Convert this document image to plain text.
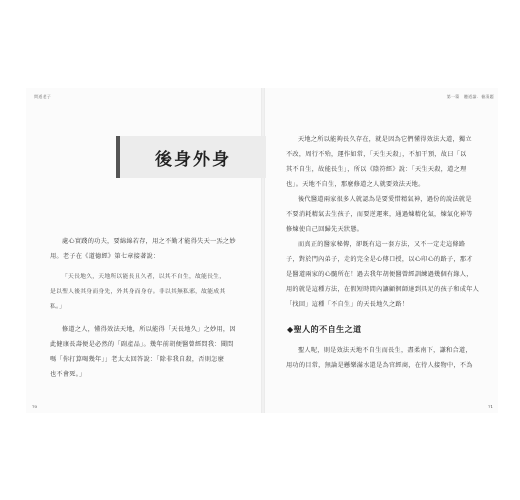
問道老子	第一篇　聽道論．養清題
後身外身
處心實踐的功夫，要綿綿若存，用之不勤才能得失天一炁之妙
用。老子在《道德經》第七章接著說：
「天長地久，天地所以能長且久者，以其不自生，故能長生，
是以聖人後其身而身先，外其身而身存。非以其無私邪，故能成其
私。」
修道之人，懂得效法天地，所以能得「天長地久」之妙用，因
此健康長壽便是必然的「副產品」。幾年前胡便醫曾經問我：聞問
嗎「你打算喝幾年」」老太太回答說：「除非我自殺，否則怎麼
也不會死。」
70
天地之所以能夠長久存在，就是因為它們懂得效法大道，獨立
不改，周行不殆，運作如常，「天生天殺」，不加干預，故曰「以
其不自生，故能長生」，所以《陰符經》說：「天生天殺，道之理
也」。天地不自生，那麼修道之人就要效法天地。
後代醫道兩家很多人就認為是要愛惜精氣神，過份的說法就是
不要消耗精氣去生孩子，而要逆運來，通過煉精化氣，煉氣化神等
修煉使自己回歸先天狀態。
而真正的醫家秘傳，卻既有這一套方法，又不一定走這條路
子，對於門內弟子，走的完全是心傳口授，以心印心的路子，那才
是醫道兩家的心髓所在！過去我年胡便醫曾經訓練過幾個有緣人，
用的就是這種方法，在假短時間內讓顧徊師達到具足的孩子和成年人
「找回」這種「不自生」的天長地久之路！
◆聖人的不自生之道
聖人呢，則是效法天地不自生而長生，盡柔南下，謙和合道，
用功的目常，無論是懸樂滿水還是為官經商，在待人接物中，不為
71
